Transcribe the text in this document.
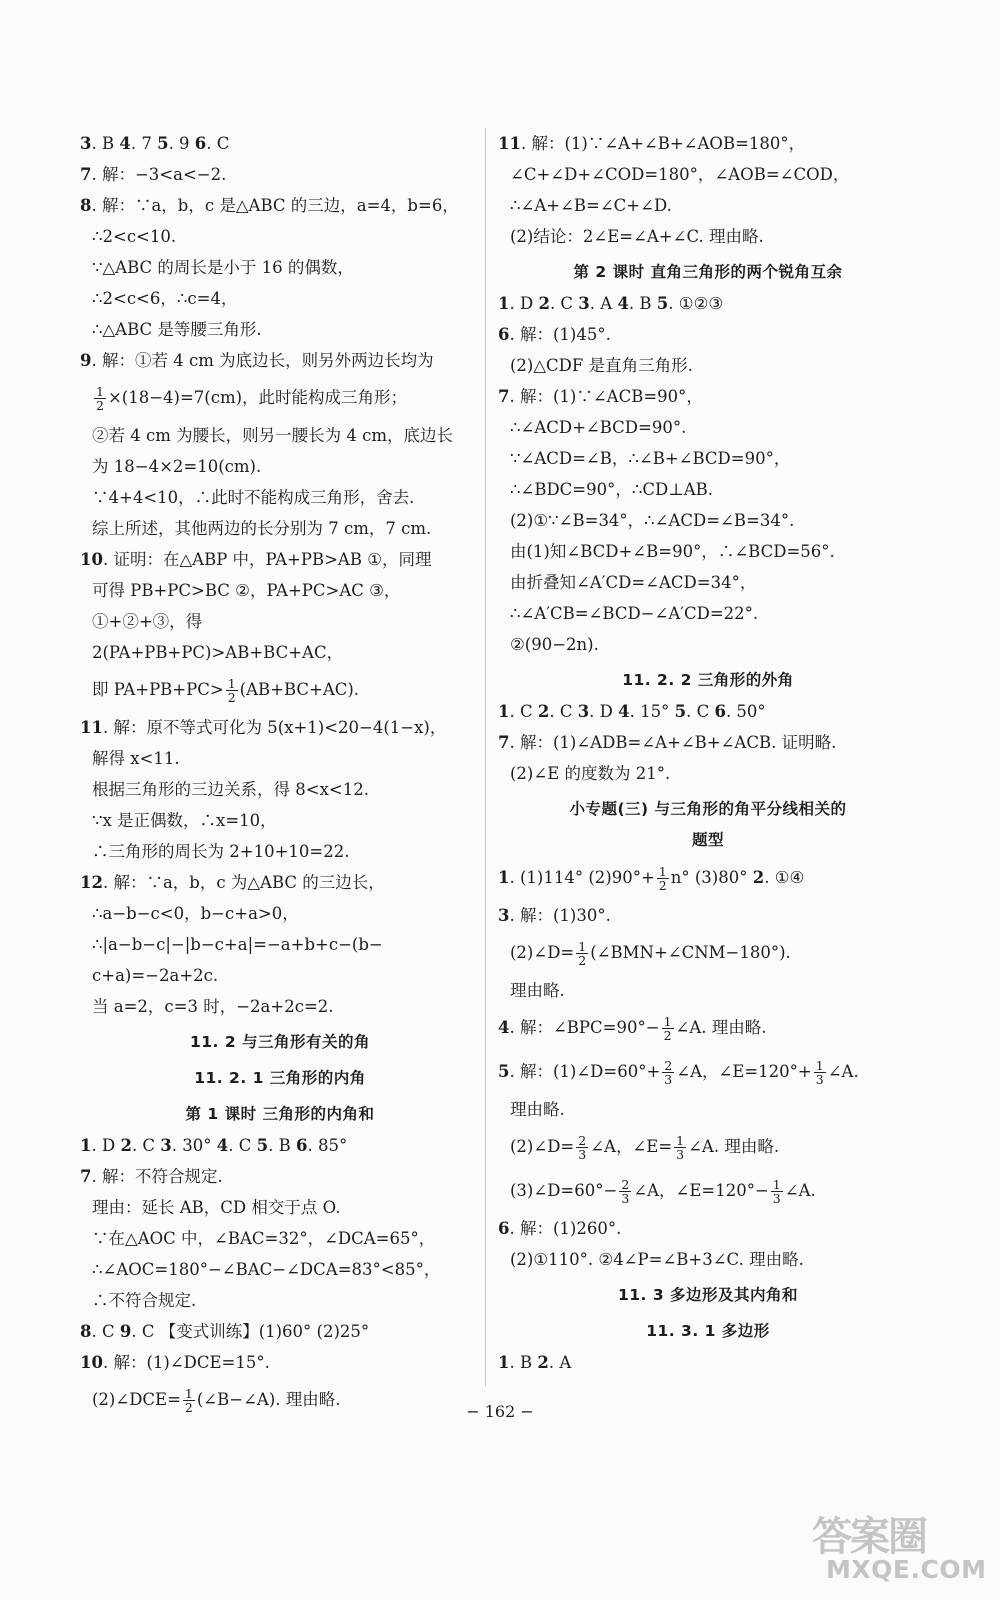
3. B 4. 7 5. 9 6. C
7. 解：−3<a<−2.
8. 解：∵a，b，c 是△ABC 的三边，a=4，b=6，
∴2<c<10.
∵△ABC 的周长是小于 16 的偶数，
∴2<c<6，∴c=4，
∴△ABC 是等腰三角形.
9. 解：①若 4 cm 为底边长，则另外两边长均为
$\frac{1}{2} \times(18-4)=7(cm)$，此时能构成三角形；
②若 4 cm 为腰长，则另一腰长为 4 cm，底边长
为 18−4×2=10(cm).
∵4+4<10，∴此时不能构成三角形，舍去.
综上所述，其他两边的长分别为 7 cm，7 cm.
10. 证明：在△ABP 中，PA+PB>AB ①，同理
可得 PB+PC>BC ②，PA+PC>AC ③，
①+②+③，得
2(PA+PB+PC)>AB+BC+AC，
即 $PA+PB+PC> \frac{1}{2} (AB+BC+AC)$.
11. 解：原不等式可化为 5(x+1)<20−4(1−x)，
解得 x<11.
根据三角形的三边关系，得 8<x<12.
∵x 是正偶数，∴x=10，
∴三角形的周长为 2+10+10=22.
12. 解：∵a，b，c 为△ABC 的三边长，
∴a−b−c<0，b−c+a>0，
∴|a−b−c|−|b−c+a|=−a+b+c−(b−
c+a)=−2a+2c.
当 a=2，c=3 时，−2a+2c=2.
11. 2 与三角形有关的角
11. 2. 1 三角形的内角
第 1 课时 三角形的内角和
1. D 2. C 3. 30° 4. C 5. B 6. 85°
7. 解：不符合规定.
理由：延长 AB，CD 相交于点 O.
∵在△AOC 中，∠BAC=32°，∠DCA=65°，
∴∠AOC=180°−∠BAC−∠DCA=83°<85°，
∴不符合规定.
8. C 9. C 【变式训练】(1)60° (2)25°
10. 解：(1)∠DCE=15°.
(2)∠DCE= $\frac{1}{2}$ (∠B−∠A). 理由略.
11. 解：(1)∵∠A+∠B+∠AOB=180°，
∠C+∠D+∠COD=180°，∠AOB=∠COD，
∴∠A+∠B=∠C+∠D.
(2)结论：2∠E=∠A+∠C. 理由略.
第 2 课时 直角三角形的两个锐角互余
1. D 2. C 3. A 4. B 5. ①②③
6. 解：(1)45°.
(2)△CDF 是直角三角形.
7. 解：(1)∵∠ACB=90°，
∴∠ACD+∠BCD=90°.
∵∠ACD=∠B，∴∠B+∠BCD=90°，
∴∠BDC=90°，∴CD⊥AB.
(2)①∵∠B=34°，∴∠ACD=∠B=34°.
由(1)知∠BCD+∠B=90°，∴∠BCD=56°.
由折叠知∠A′CD=∠ACD=34°，
∴∠A′CB=∠BCD−∠A′CD=22°.
②(90−2n).
11. 2. 2 三角形的外角
1. C 2. C 3. D 4. 15° 5. C 6. 50°
7. 解：(1)∠ADB=∠A+∠B+∠ACB. 证明略.
(2)∠E 的度数为 21°.
小专题(三) 与三角形的角平分线相关的
题型
1. (1)114° $(2)90^\circ+ \frac{1}{2} n^\circ$ (3)80° 2. ①④
3. 解：(1)30°.
(2)∠D= $\frac{1}{2}$ (∠BMN+∠CNM−180°).
理由略.
4. 解：∠BPC=90°− $\frac{1}{2}$ ∠A. 理由略.
5. 解：(1)∠D=60°+ $\frac{2}{3}$ ∠A，∠E=120°+ $\frac{1}{3}$ ∠A.
理由略.
(2)∠D= $\frac{2}{3}$ ∠A，∠E= $\frac{1}{3}$ ∠A. 理由略.
(3)∠D=60°− $\frac{2}{3}$ ∠A，∠E=120°− $\frac{1}{3}$ ∠A.
6. 解：(1)260°.
(2)①110°. ②4∠P=∠B+3∠C. 理由略.
11. 3 多边形及其内角和
11. 3. 1 多边形
1. B 2. A
− 162 −
答案圈
MXQE.COM
